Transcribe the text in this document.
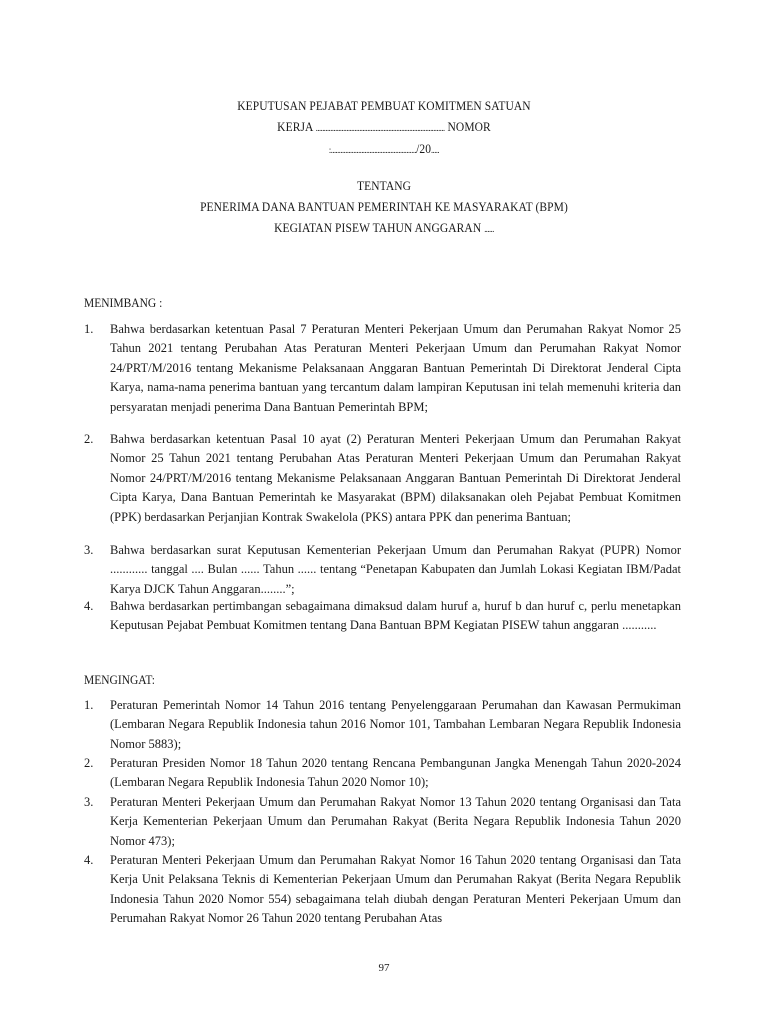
KEPUTUSAN PEJABAT PEMBUAT KOMITMEN SATUAN
KERJA ................................................................................ NOMOR
:...................................................../20.....
TENTANG
PENERIMA DANA BANTUAN PEMERINTAH KE MASYARAKAT (BPM)
KEGIATAN PISEW TAHUN ANGGARAN ......
MENIMBANG :
1. Bahwa berdasarkan ketentuan Pasal 7 Peraturan Menteri Pekerjaan Umum dan Perumahan Rakyat Nomor 25 Tahun 2021 tentang Perubahan Atas Peraturan Menteri Pekerjaan Umum dan Perumahan Rakyat Nomor 24/PRT/M/2016 tentang Mekanisme Pelaksanaan Anggaran Bantuan Pemerintah Di Direktorat Jenderal Cipta Karya, nama-nama penerima bantuan yang tercantum dalam lampiran Keputusan ini telah memenuhi kriteria dan persyaratan menjadi penerima Dana Bantuan Pemerintah BPM;
2. Bahwa berdasarkan ketentuan Pasal 10 ayat (2) Peraturan Menteri Pekerjaan Umum dan Perumahan Rakyat Nomor 25 Tahun 2021 tentang Perubahan Atas Peraturan Menteri Pekerjaan Umum dan Perumahan Rakyat Nomor 24/PRT/M/2016 tentang Mekanisme Pelaksanaan Anggaran Bantuan Pemerintah Di Direktorat Jenderal Cipta Karya, Dana Bantuan Pemerintah ke Masyarakat (BPM) dilaksanakan oleh Pejabat Pembuat Komitmen (PPK) berdasarkan Perjanjian Kontrak Swakelola (PKS) antara PPK dan penerima Bantuan;
3. Bahwa berdasarkan surat Keputusan Kementerian Pekerjaan Umum dan Perumahan Rakyat (PUPR) Nomor ............ tanggal .... Bulan ...... Tahun ...... tentang “Penetapan Kabupaten dan Jumlah Lokasi Kegiatan IBM/Padat Karya DJCK Tahun Anggaran........”;
4. Bahwa berdasarkan pertimbangan sebagaimana dimaksud dalam huruf a, huruf b dan huruf c, perlu menetapkan Keputusan Pejabat Pembuat Komitmen tentang Dana Bantuan BPM Kegiatan PISEW tahun anggaran ...........
MENGINGAT:
1. Peraturan Pemerintah Nomor 14 Tahun 2016 tentang Penyelenggaraan Perumahan dan Kawasan Permukiman (Lembaran Negara Republik Indonesia tahun 2016 Nomor 101, Tambahan Lembaran Negara Republik Indonesia Nomor 5883);
2. Peraturan Presiden Nomor 18 Tahun 2020 tentang Rencana Pembangunan Jangka Menengah Tahun 2020-2024 (Lembaran Negara Republik Indonesia Tahun 2020 Nomor 10);
3. Peraturan Menteri Pekerjaan Umum dan Perumahan Rakyat Nomor 13 Tahun 2020 tentang Organisasi dan Tata Kerja Kementerian Pekerjaan Umum dan Perumahan Rakyat (Berita Negara Republik Indonesia Tahun 2020 Nomor 473);
4. Peraturan Menteri Pekerjaan Umum dan Perumahan Rakyat Nomor 16 Tahun 2020 tentang Organisasi dan Tata Kerja Unit Pelaksana Teknis di Kementerian Pekerjaan Umum dan Perumahan Rakyat (Berita Negara Republik Indonesia Tahun 2020 Nomor 554) sebagaimana telah diubah dengan Peraturan Menteri Pekerjaan Umum dan Perumahan Rakyat Nomor 26 Tahun 2020 tentang Perubahan Atas
97
